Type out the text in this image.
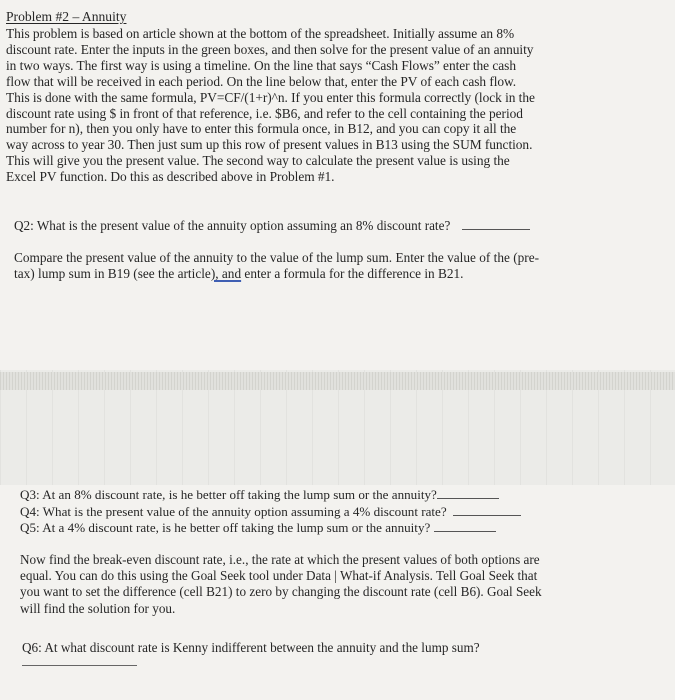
Problem #2 – Annuity
This problem is based on article shown at the bottom of the spreadsheet. Initially assume an 8%
discount rate. Enter the inputs in the green boxes, and then solve for the present value of an annuity
in two ways. The first way is using a timeline. On the line that says “Cash Flows” enter the cash
flow that will be received in each period. On the line below that, enter the PV of each cash flow.
This is done with the same formula, PV=CF/(1+r)^n. If you enter this formula correctly (lock in the
discount rate using $ in front of that reference, i.e. $B6, and refer to the cell containing the period
number for n), then you only have to enter this formula once, in B12, and you can copy it all the
way across to year 30. Then just sum up this row of present values in B13 using the SUM function.
This will give you the present value. The second way to calculate the present value is using the
Excel PV function. Do this as described above in Problem #1.
Q2: What is the present value of the annuity option assuming an 8% discount rate?
Compare the present value of the annuity to the value of the lump sum. Enter the value of the (pre-
tax) lump sum in B19 (see the article), and enter a formula for the difference in B21.
Q3: At an 8% discount rate, is he better off taking the lump sum or the annuity?
Q4: What is the present value of the annuity option assuming a 4% discount rate?
Q5: At a 4% discount rate, is he better off taking the lump sum or the annuity?
Now find the break-even discount rate, i.e., the rate at which the present values of both options are
equal. You can do this using the Goal Seek tool under Data | What-if Analysis. Tell Goal Seek that
you want to set the difference (cell B21) to zero by changing the discount rate (cell B6). Goal Seek
will find the solution for you.
Q6: At what discount rate is Kenny indifferent between the annuity and the lump sum?
